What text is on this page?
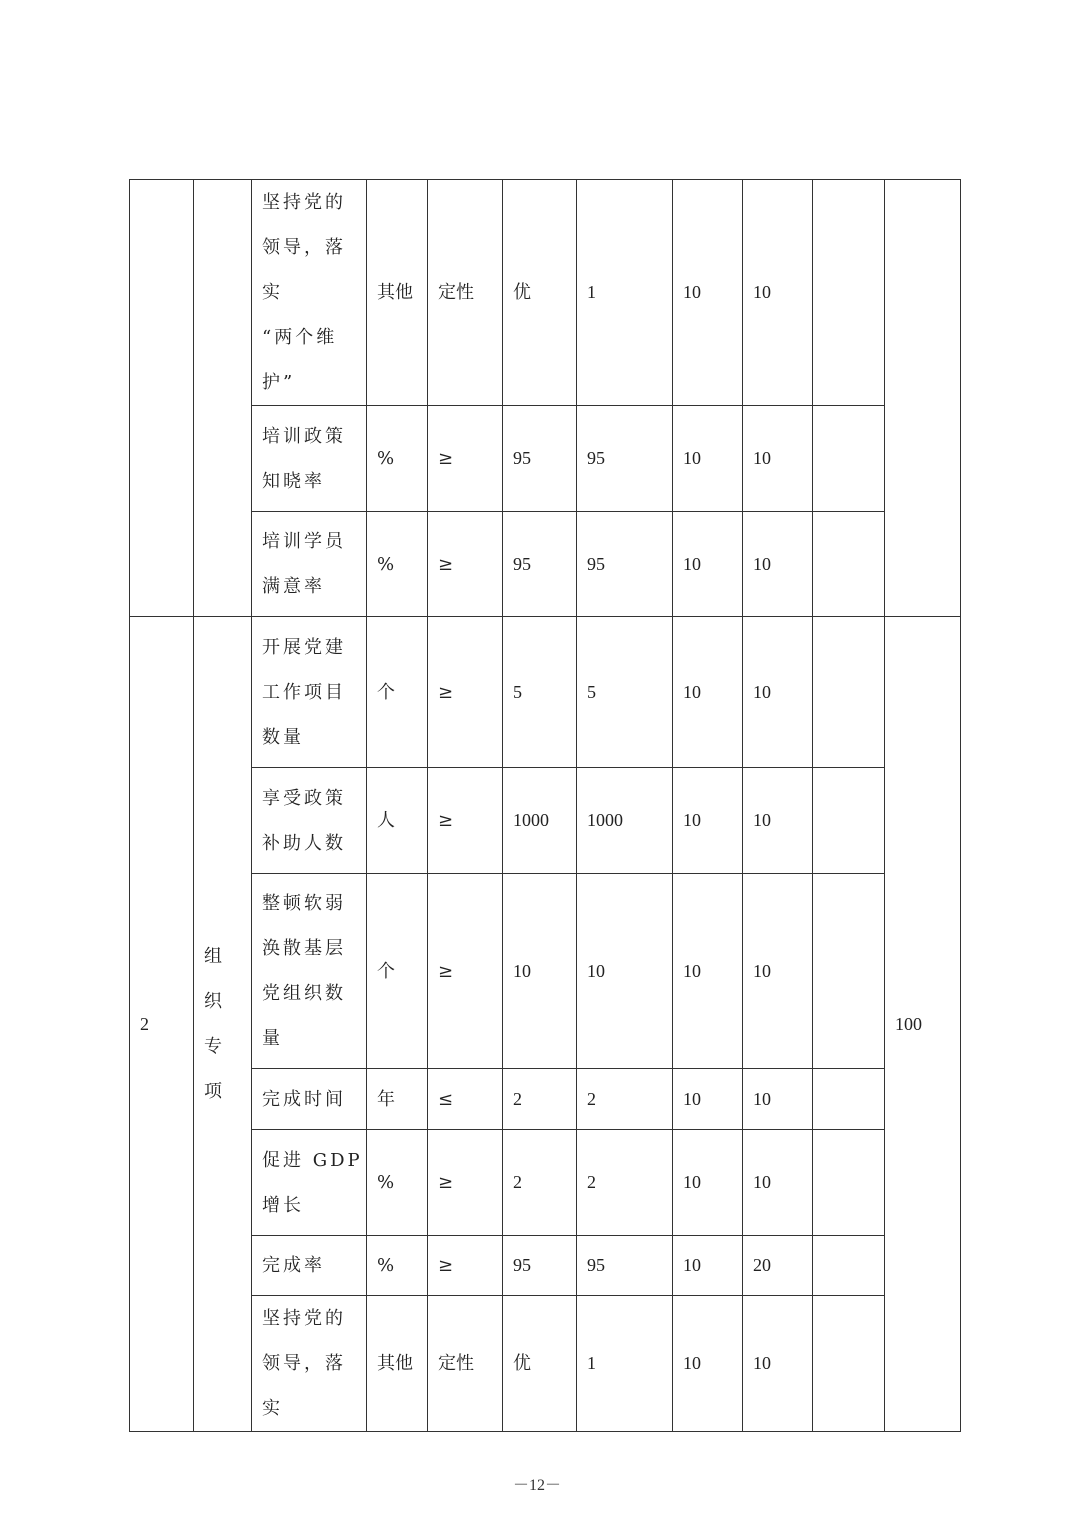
		坚持党的
领导，落实
“两个维
护”	其他	定性	优	1	10	10		
		培训政策
知晓率	%	≥	95	95	10	10		
		培训学员
满意率	%	≥	95	95	10	10		
2	组织专项	开展党建
工作项目
数量	个	≥	5	5	10	10		100
		享受政策
补助人数	人	≥	1000	1000	10	10		
		整顿软弱
涣散基层
党组织数
量	个	≥	10	10	10	10		
		完成时间	年	≤	2	2	10	10		
		促进 GDP
增长	%	≥	2	2	10	10		
		完成率	%	≥	95	95	10	20		
		坚持党的
领导，落实	其他	定性	优	1	10	10		
－12－
